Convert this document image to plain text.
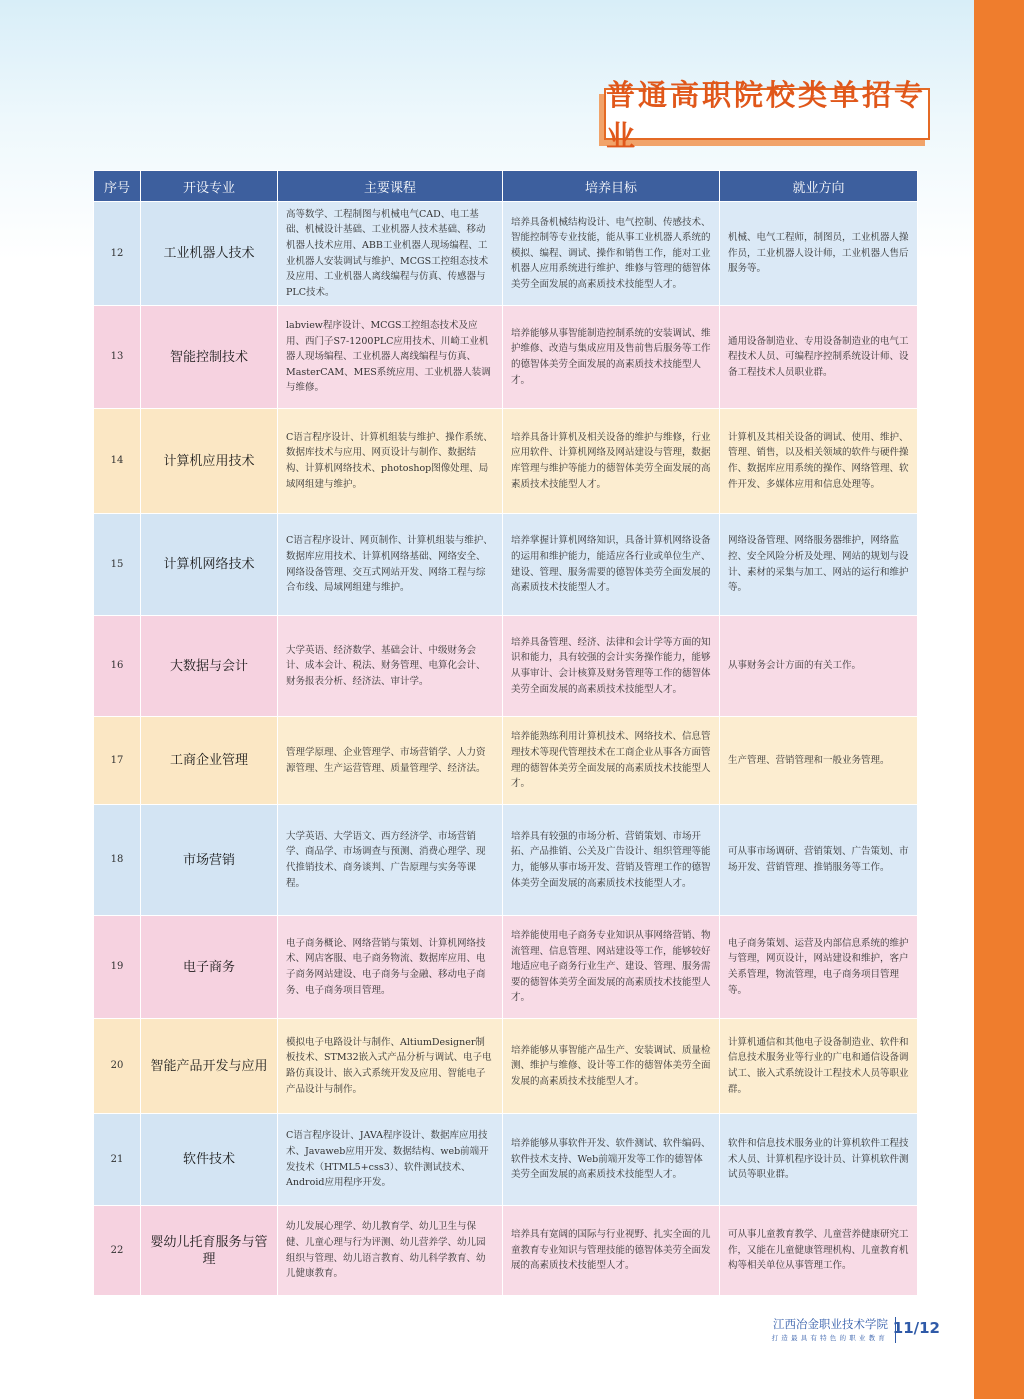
普通高职院校类单招专业
序号	开设专业	主要课程	培养目标	就业方向
12	工业机器人技术	高等数学、工程制图与机械电气CAD、电工基础、机械设计基础、工业机器人技术基础、移动机器人技术应用、ABB工业机器人现场编程、工业机器人安装调试与维护、MCGS工控组态技术及应用、工业机器人离线编程与仿真、传感器与PLC技术。	培养具备机械结构设计、电气控制、传感技术、智能控制等专业技能，能从事工业机器人系统的模拟、编程、调试、操作和销售工作，能对工业机器人应用系统进行维护、维修与管理的德智体美劳全面发展的高素质技术技能型人才。	机械、电气工程师，制图员，工业机器人操作员，工业机器人设计师，工业机器人售后服务等。
13	智能控制技术	labview程序设计、MCGS工控组态技术及应用、西门子S7-1200PLC应用技术、川崎工业机器人现场编程、工业机器人离线编程与仿真、MasterCAM、MES系统应用、工业机器人装调与维修。	培养能够从事智能制造控制系统的安装调试、维护维修、改造与集成应用及售前售后服务等工作的德智体美劳全面发展的高素质技术技能型人才。	通用设备制造业、专用设备制造业的电气工程技术人员、可编程序控制系统设计师、设备工程技术人员职业群。
14	计算机应用技术	C语言程序设计、计算机组装与维护、操作系统、数据库技术与应用、网页设计与制作、数据结构、计算机网络技术、photoshop图像处理、局域网组建与维护。	培养具备计算机及相关设备的维护与维修，行业应用软件、计算机网络及网站建设与管理，数据库管理与维护等能力的德智体美劳全面发展的高素质技术技能型人才。	计算机及其相关设备的调试、使用、维护、管理、销售，以及相关领域的软件与硬件操作、数据库应用系统的操作、网络管理、软件开发、多媒体应用和信息处理等。
15	计算机网络技术	C语言程序设计、网页制作、计算机组装与维护、数据库应用技术、计算机网络基础、网络安全、网络设备管理、交互式网站开发、网络工程与综合布线、局域网组建与维护。	培养掌握计算机网络知识，具备计算机网络设备的运用和维护能力，能适应各行业或单位生产、建设、管理、服务需要的德智体美劳全面发展的高素质技术技能型人才。	网络设备管理、网络服务器维护，网络监控、安全风险分析及处理、网站的规划与设计、素材的采集与加工、网站的运行和维护等。
16	大数据与会计	大学英语、经济数学、基础会计、中级财务会计、成本会计、税法、财务管理、电算化会计、财务报表分析、经济法、审计学。	培养具备管理、经济、法律和会计学等方面的知识和能力，具有较强的会计实务操作能力，能够从事审计、会计核算及财务管理等工作的德智体美劳全面发展的高素质技术技能型人才。	从事财务会计方面的有关工作。
17	工商企业管理	管理学原理、企业管理学、市场营销学、人力资源管理、生产运营管理、质量管理学、经济法。	培养能熟练利用计算机技术、网络技术、信息管理技术等现代管理技术在工商企业从事各方面管理的德智体美劳全面发展的高素质技术技能型人才。	生产管理、营销管理和一般业务管理。
18	市场营销	大学英语、大学语文、西方经济学、市场营销学、商品学、市场调查与预测、消费心理学、现代推销技术、商务谈判、广告原理与实务等课程。	培养具有较强的市场分析、营销策划、市场开拓、产品推销、公关及广告设计、组织管理等能力，能够从事市场开发、营销及管理工作的德智体美劳全面发展的高素质技术技能型人才。	可从事市场调研、营销策划、广告策划、市场开发、营销管理、推销服务等工作。
19	电子商务	电子商务概论、网络营销与策划、计算机网络技术、网店客服、电子商务物流、数据库应用、电子商务网站建设、电子商务与金融、移动电子商务、电子商务项目管理。	培养能使用电子商务专业知识从事网络营销、物流管理、信息管理、网站建设等工作，能够较好地适应电子商务行业生产、建设、管理、服务需要的德智体美劳全面发展的高素质技术技能型人才。	电子商务策划、运营及内部信息系统的维护与管理，网页设计，网站建设和维护，客户关系管理，物流管理，电子商务项目管理等。
20	智能产品开发与应用	模拟电子电路设计与制作、AltiumDesigner制板技术、STM32嵌入式产品分析与调试、电子电路仿真设计、嵌入式系统开发及应用、智能电子产品设计与制作。	培养能够从事智能产品生产、安装调试、质量检测、维护与维修、设计等工作的德智体美劳全面发展的高素质技术技能型人才。	计算机通信和其他电子设备制造业、软件和信息技术服务业等行业的广电和通信设备调试工、嵌入式系统设计工程技术人员等职业群。
21	软件技术	C语言程序设计、JAVA程序设计、数据库应用技术、Javaweb应用开发、数据结构、web前端开发技术（HTML5+css3）、软件测试技术、Android应用程序开发。	培养能够从事软件开发、软件测试、软件编码、软件技术支持、Web前端开发等工作的德智体美劳全面发展的高素质技术技能型人才。	软件和信息技术服务业的计算机软件工程技术人员、计算机程序设计员、计算机软件测试员等职业群。
22	婴幼儿托育服务与管理	幼儿发展心理学、幼儿教育学、幼儿卫生与保健、儿童心理与行为评测、幼儿营养学、幼儿园组织与管理、幼儿语言教育、幼儿科学教育、幼儿健康教育。	培养具有宽阔的国际与行业视野、扎实全面的儿童教育专业知识与管理技能的德智体美劳全面发展的高素质技术技能型人才。	可从事儿童教育教学、儿童营养健康研究工作，又能在儿童健康管理机构、儿童教育机构等相关单位从事管理工作。
江西冶金职业技术学院
打造最具有特色的职业教育
11/12
